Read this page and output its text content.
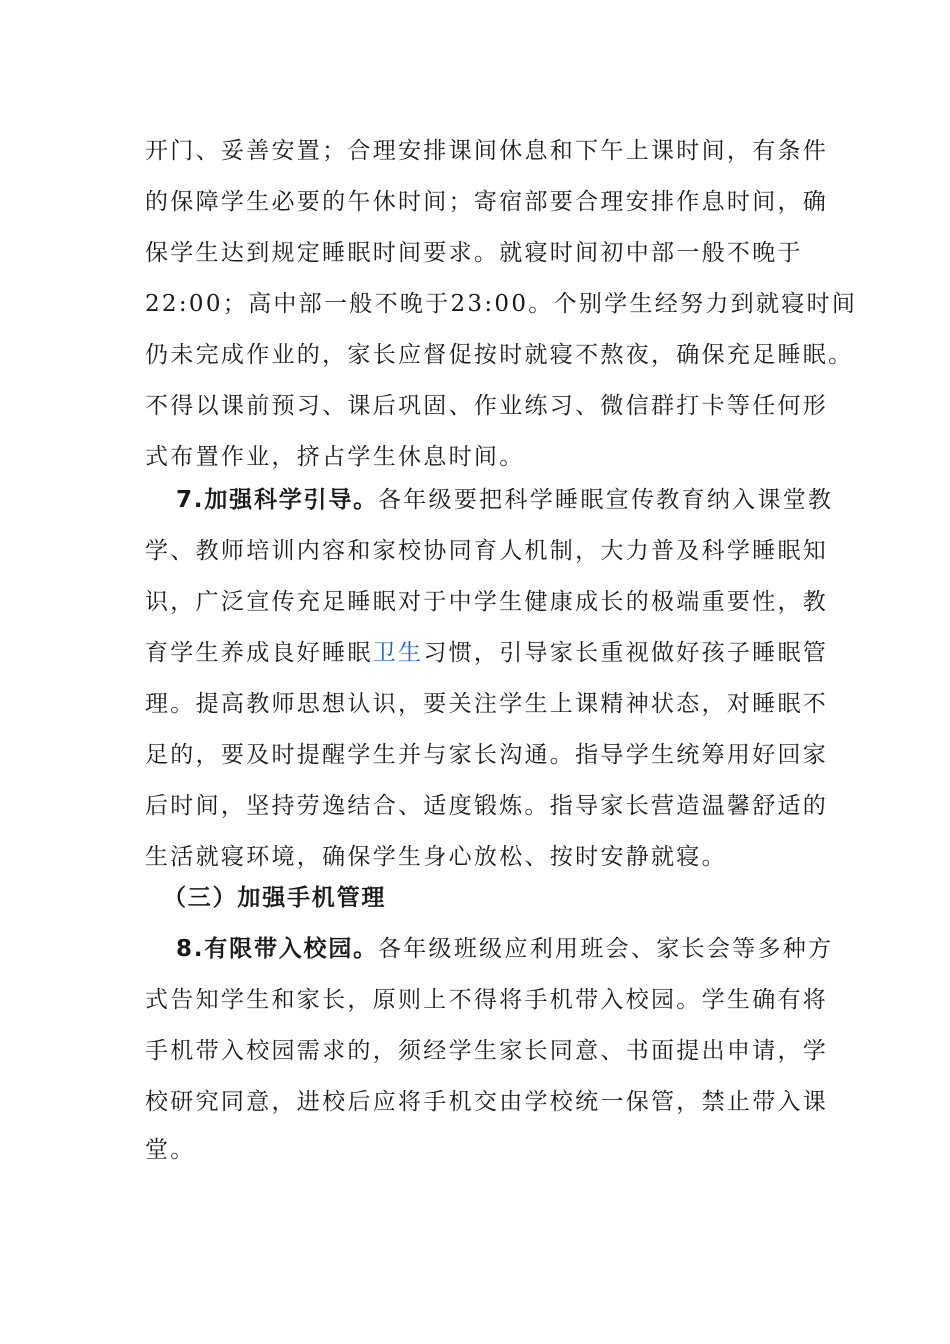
开门、妥善安置；合理安排课间休息和下午上课时间，有条件
的保障学生必要的午休时间；寄宿部要合理安排作息时间，确
保学生达到规定睡眠时间要求。就寝时间初中部一般不晚于
22:00；高中部一般不晚于23:00。个别学生经努力到就寝时间
仍未完成作业的，家长应督促按时就寝不熬夜，确保充足睡眠。
不得以课前预习、课后巩固、作业练习、微信群打卡等任何形
式布置作业，挤占学生休息时间。
7.加强科学引导。各年级要把科学睡眠宣传教育纳入课堂教
学、教师培训内容和家校协同育人机制，大力普及科学睡眠知
识，广泛宣传充足睡眠对于中学生健康成长的极端重要性，教
育学生养成良好睡眠卫生习惯，引导家长重视做好孩子睡眠管
理。提高教师思想认识，要关注学生上课精神状态，对睡眠不
足的，要及时提醒学生并与家长沟通。指导学生统筹用好回家
后时间，坚持劳逸结合、适度锻炼。指导家长营造温馨舒适的
生活就寝环境，确保学生身心放松、按时安静就寝。
（三）加强手机管理
8.有限带入校园。各年级班级应利用班会、家长会等多种方
式告知学生和家长，原则上不得将手机带入校园。学生确有将
手机带入校园需求的，须经学生家长同意、书面提出申请，学
校研究同意，进校后应将手机交由学校统一保管，禁止带入课
堂。
